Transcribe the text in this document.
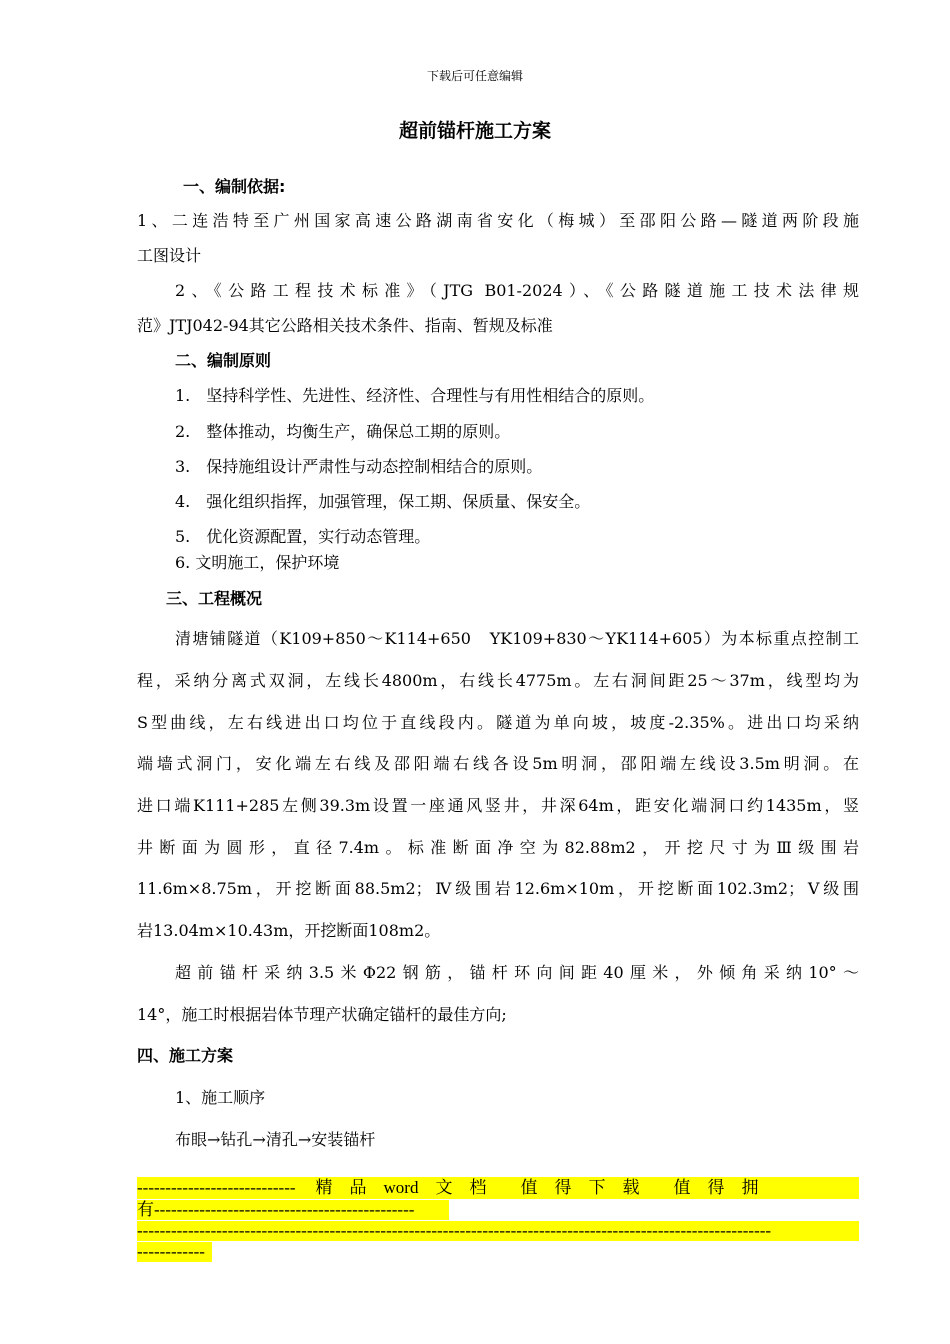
下载后可任意编辑
超前锚杆施工方案
一、编制依据:
1、二连浩特至广州国家高速公路湖南省安化（梅城）至邵阳公路—隧道两阶段施
工图设计
2、《公路工程技术标准》（JTG B01-2024）、《公路隧道施工技术法律规
范》JTJ042-94其它公路相关技术条件、指南、暂规及标准
二、编制原则
1.　坚持科学性、先进性、经济性、合理性与有用性相结合的原则。
2.　整体推动，均衡生产，确保总工期的原则。
3.　保持施组设计严肃性与动态控制相结合的原则。
4.　强化组织指挥，加强管理，保工期、保质量、保安全。
5.　优化资源配置，实行动态管理。
6. 文明施工，保护环境
三、工程概况
清塘铺隧道（K109+850～K114+650　YK109+830～YK114+605）为本标重点控制工
程，采纳分离式双洞，左线长4800m，右线长4775m。左右洞间距25～37m，线型均为
S型曲线，左右线进出口均位于直线段内。隧道为单向坡，坡度-2.35%。进出口均采纳
端墙式洞门，安化端左右线及邵阳端右线各设5m明洞，邵阳端左线设3.5m明洞。在
进口端K111+285左侧39.3m设置一座通风竖井，井深64m，距安化端洞口约1435m，竖
井断面为圆形，直径7.4m。标准断面净空为82.88m2，开挖尺寸为Ⅲ级围岩
11.6m×8.75m，开挖断面88.5m2；Ⅳ级围岩12.6m×10m，开挖断面102.3m2；Ⅴ级围
岩13.04m×10.43m，开挖断面108m2。
超前锚杆采纳3.5米Φ22钢筋，锚杆环向间距40厘米，外倾角采纳10°～
14°，施工时根据岩体节理产状确定锚杆的最佳方向;
四、施工方案
1、施工顺序
布眼→钻孔→清孔→安装锚杆
---------------------------- 精　品　word　文　档　　值　得　下　载　　值　得　拥
有----------------------------------------------
----------------------------------------------------------------------------------------------------------------
------------
